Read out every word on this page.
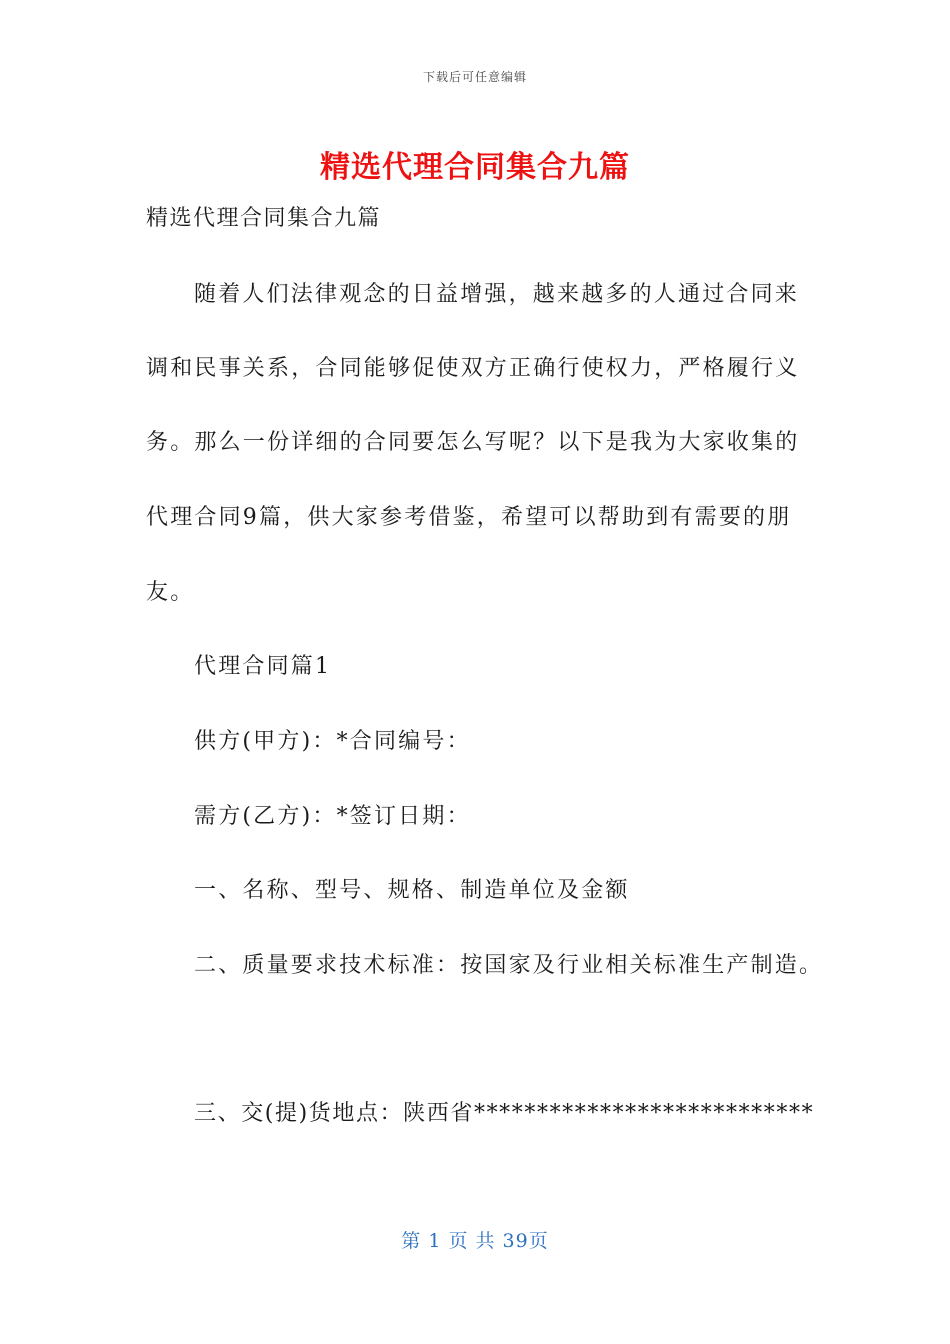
下载后可任意编辑
精选代理合同集合九篇
精选代理合同集合九篇
随着人们法律观念的日益增强，越来越多的人通过合同来
调和民事关系，合同能够促使双方正确行使权力，严格履行义
务。那么一份详细的合同要怎么写呢？以下是我为大家收集的
代理合同9篇，供大家参考借鉴，希望可以帮助到有需要的朋
友。
代理合同篇1
供方(甲方)：*合同编号：
需方(乙方)：*签订日期：
一、名称、型号、规格、制造单位及金额
二、质量要求技术标准：按国家及行业相关标准生产制造。
三、交(提)货地点：陕西省***************************
第 1 页 共 39页
